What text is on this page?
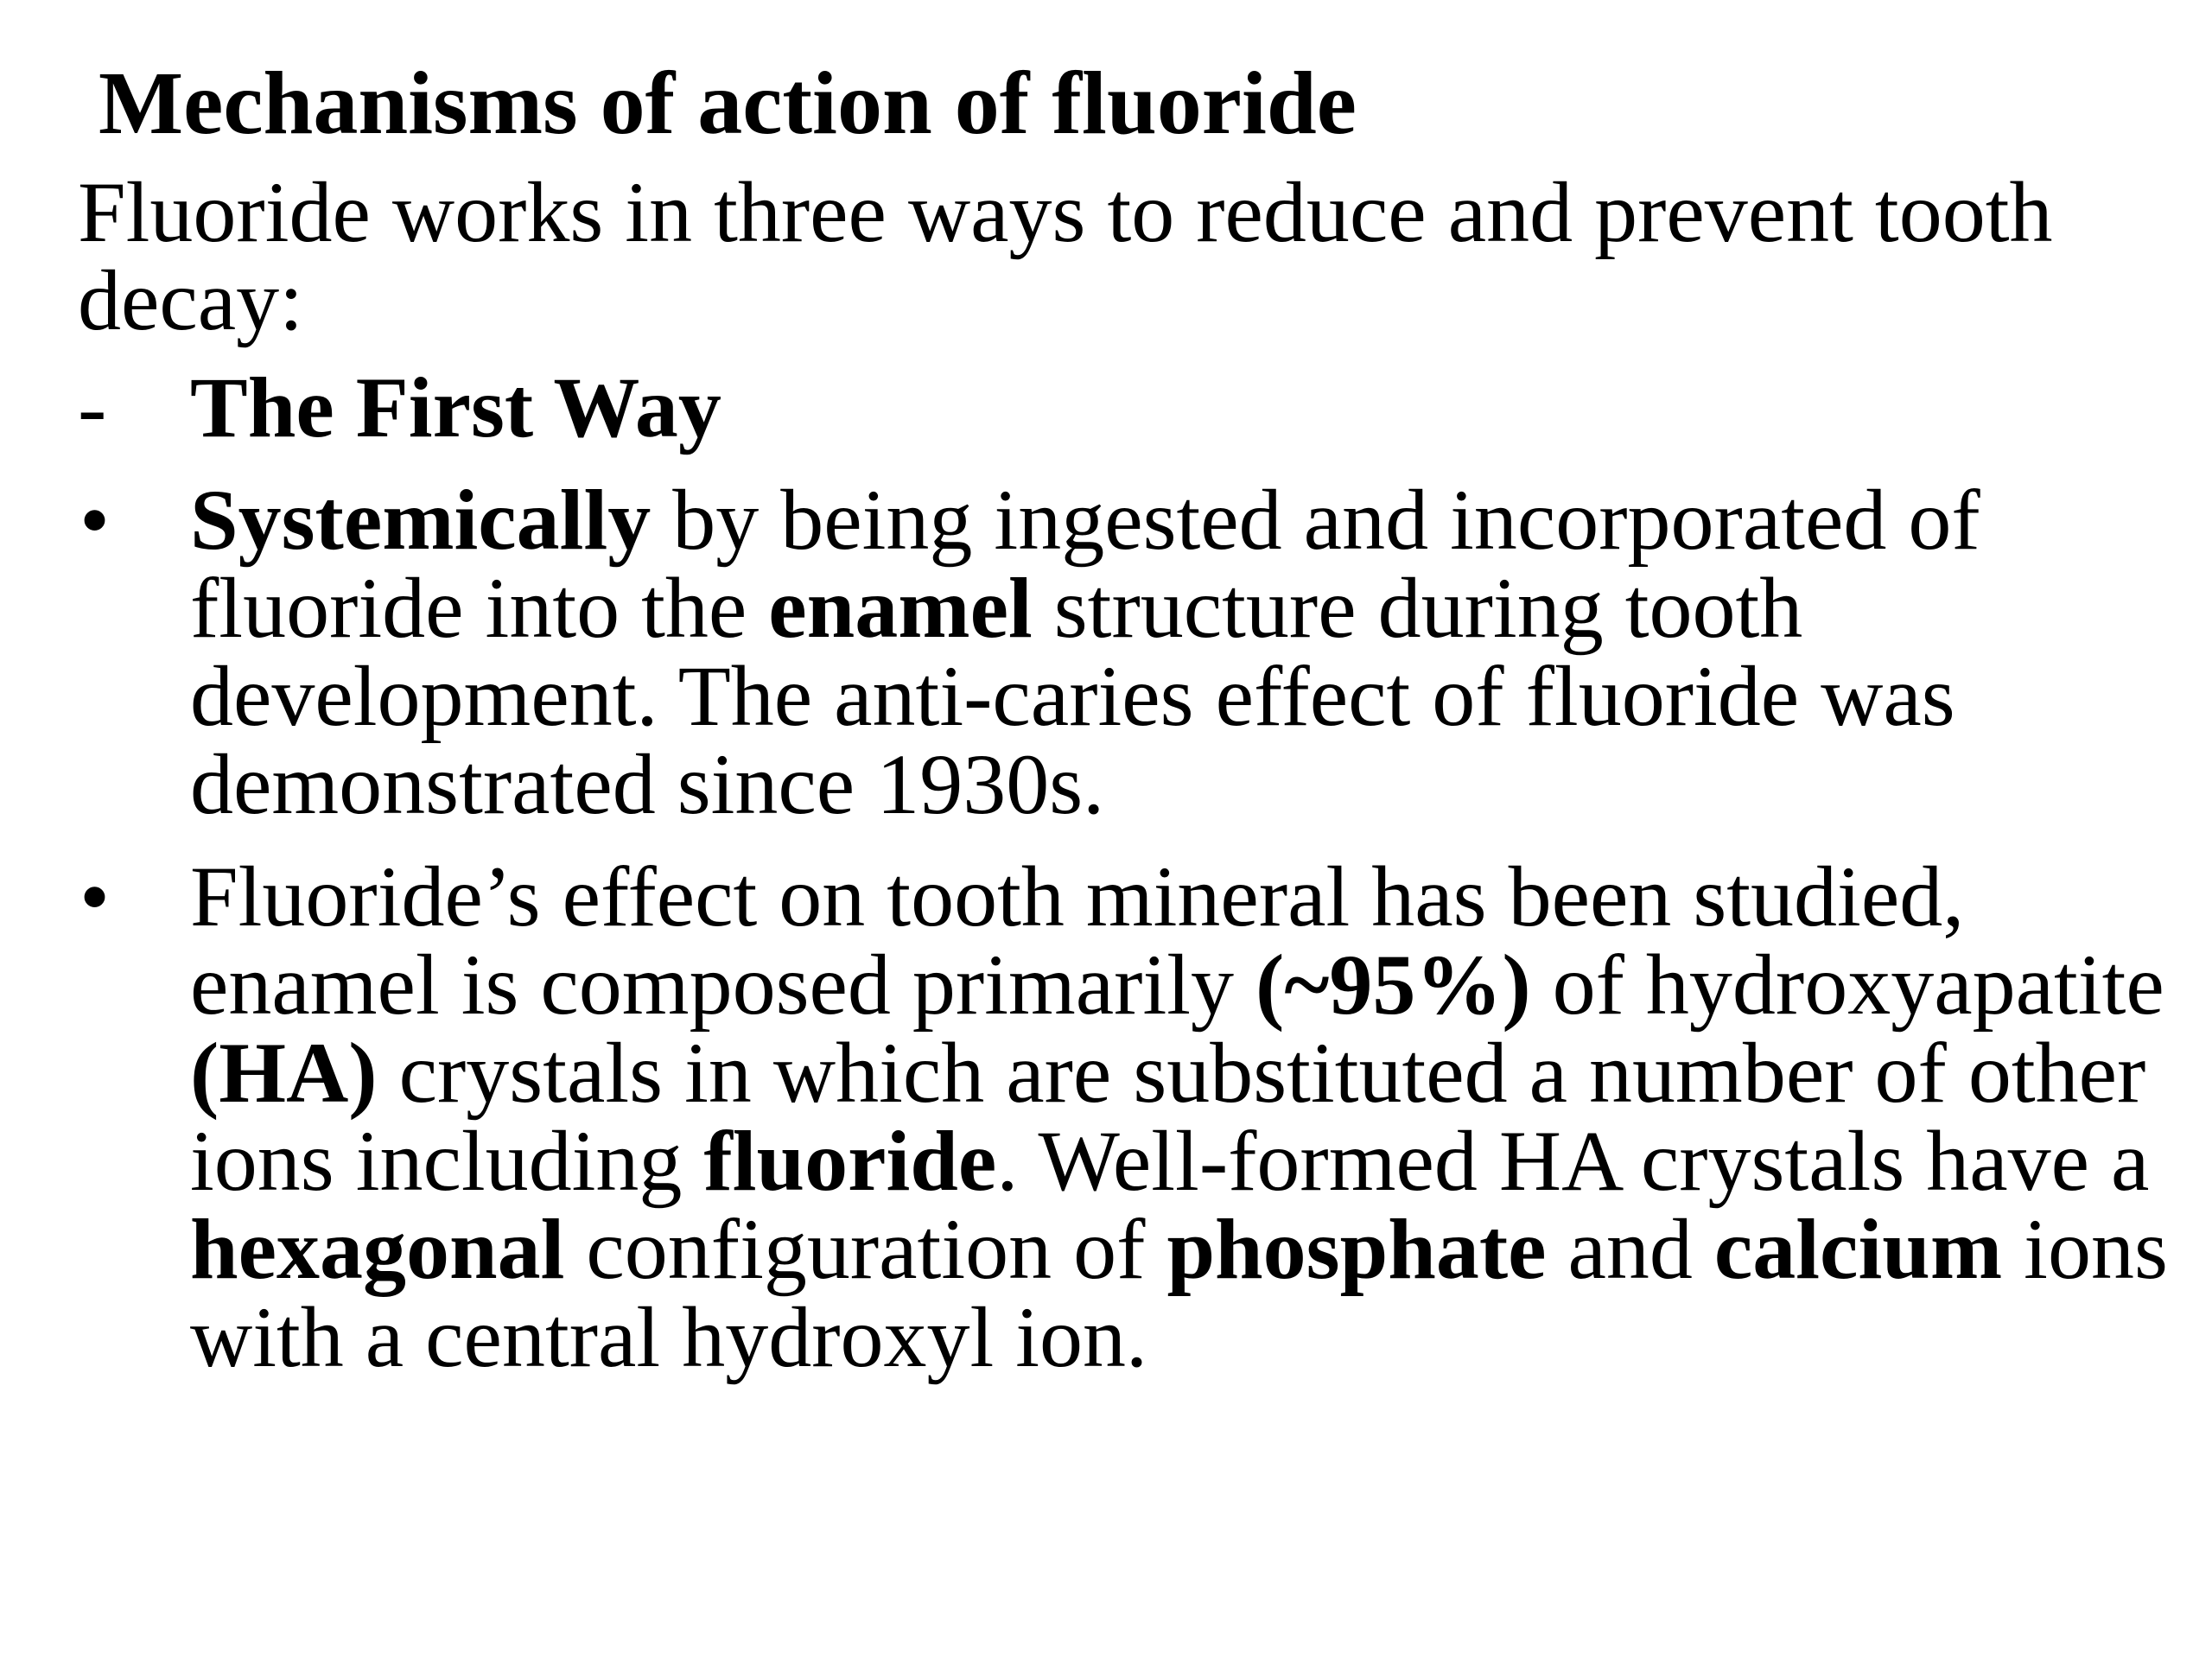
Mechanisms of action of fluoride

Fluoride works in three ways to reduce and prevent tooth decay:

- The First Way
• Systemically by being ingested and incorporated of fluoride into the enamel structure during tooth development. The anti-caries effect of fluoride was demonstrated since 1930s.
• Fluoride’s effect on tooth mineral has been studied, enamel is composed primarily (~95%) of hydroxyapatite (HA) crystals in which are substituted a number of other ions including fluoride. Well-formed HA crystals have a hexagonal configuration of phosphate and calcium ions with a central hydroxyl ion.
